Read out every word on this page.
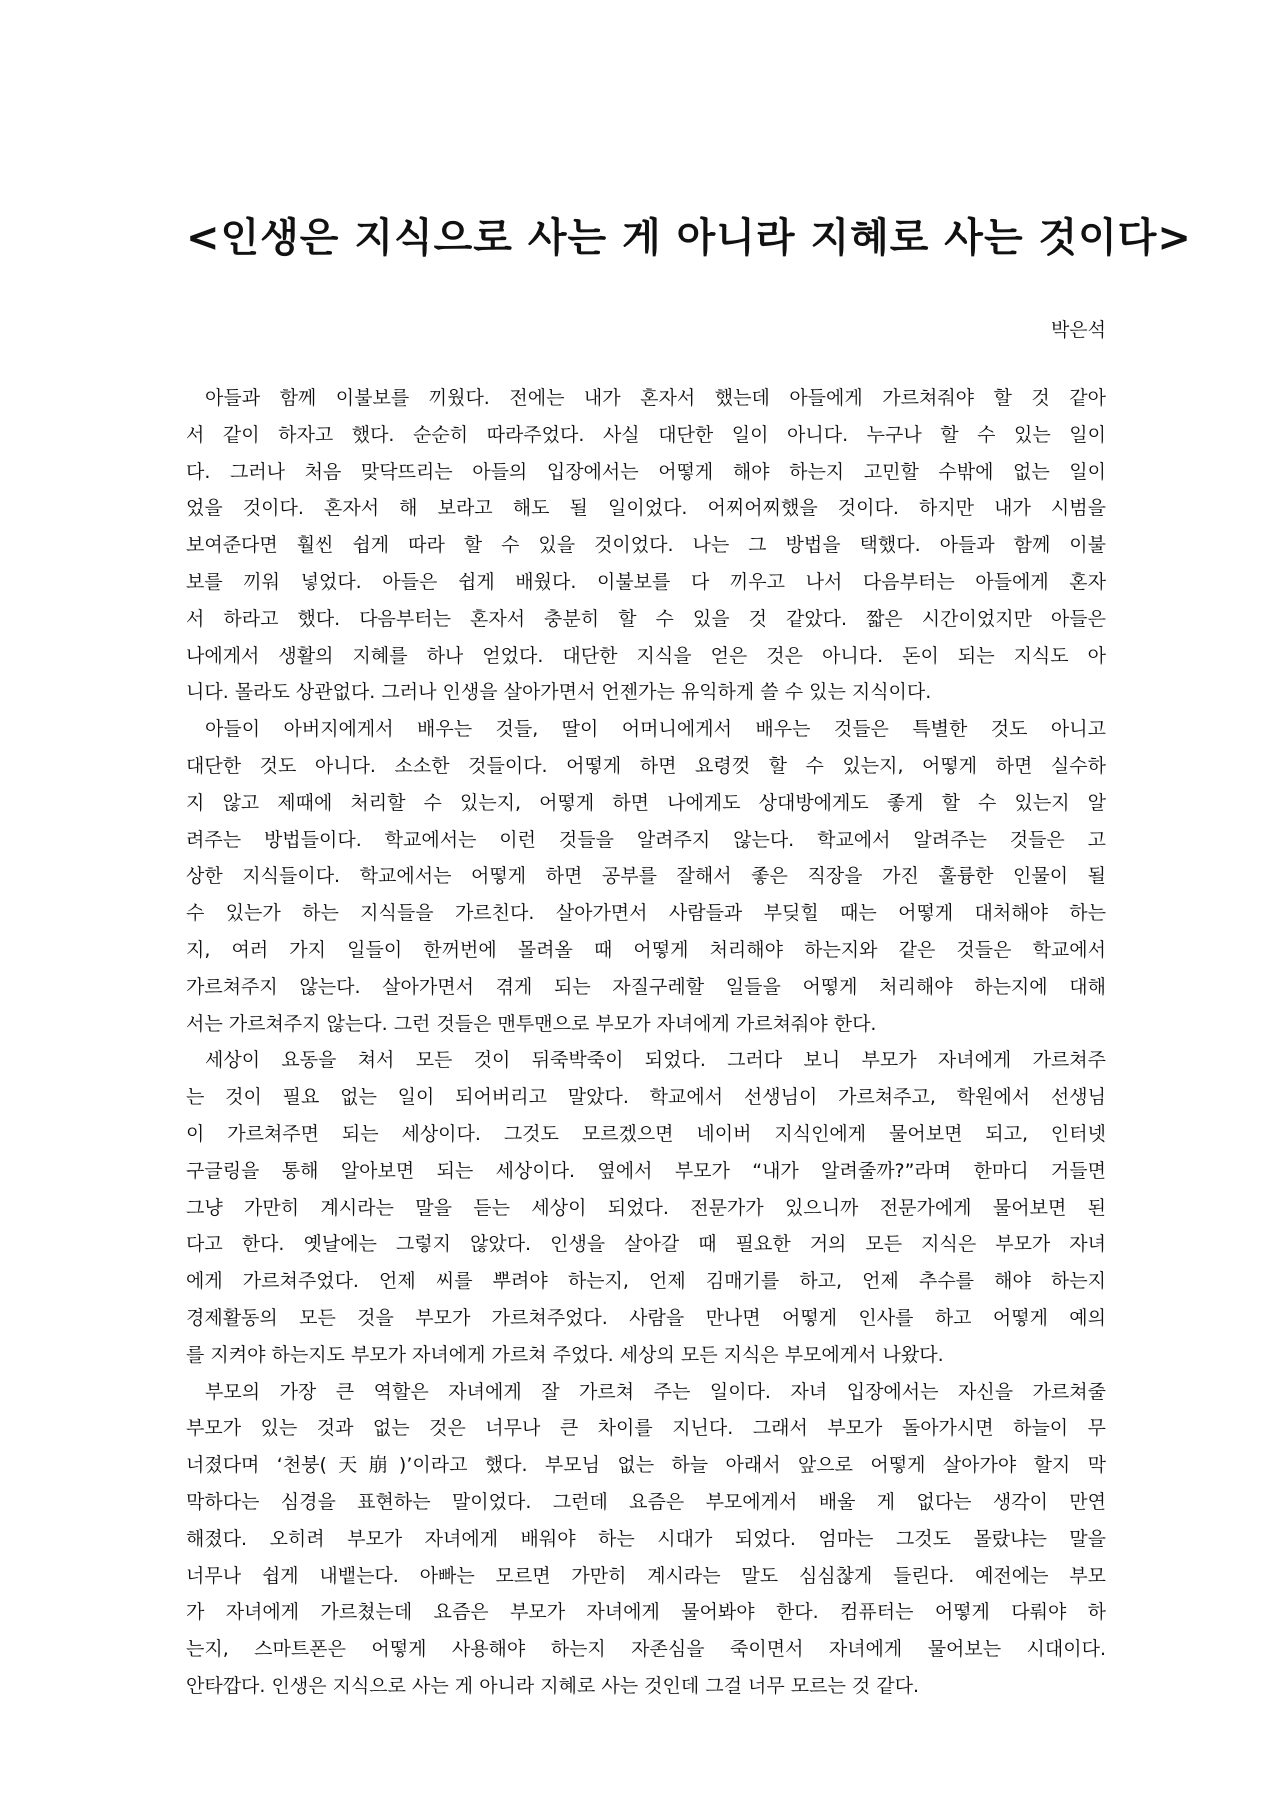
<인생은 지식으로 사는 게 아니라 지혜로 사는 것이다>
박은석
아들과 함께 이불보를 끼웠다. 전에는 내가 혼자서 했는데 아들에게 가르쳐줘야 할 것 같아
서 같이 하자고 했다. 순순히 따라주었다. 사실 대단한 일이 아니다. 누구나 할 수 있는 일이
다. 그러나 처음 맞닥뜨리는 아들의 입장에서는 어떻게 해야 하는지 고민할 수밖에 없는 일이
었을 것이다. 혼자서 해 보라고 해도 될 일이었다. 어찌어찌했을 것이다. 하지만 내가 시범을
보여준다면 훨씬 쉽게 따라 할 수 있을 것이었다. 나는 그 방법을 택했다. 아들과 함께 이불
보를 끼워 넣었다. 아들은 쉽게 배웠다. 이불보를 다 끼우고 나서 다음부터는 아들에게 혼자
서 하라고 했다. 다음부터는 혼자서 충분히 할 수 있을 것 같았다. 짧은 시간이었지만 아들은
나에게서 생활의 지혜를 하나 얻었다. 대단한 지식을 얻은 것은 아니다. 돈이 되는 지식도 아
니다. 몰라도 상관없다. 그러나 인생을 살아가면서 언젠가는 유익하게 쓸 수 있는 지식이다.
아들이 아버지에게서 배우는 것들, 딸이 어머니에게서 배우는 것들은 특별한 것도 아니고
대단한 것도 아니다. 소소한 것들이다. 어떻게 하면 요령껏 할 수 있는지, 어떻게 하면 실수하
지 않고 제때에 처리할 수 있는지, 어떻게 하면 나에게도 상대방에게도 좋게 할 수 있는지 알
려주는 방법들이다. 학교에서는 이런 것들을 알려주지 않는다. 학교에서 알려주는 것들은 고
상한 지식들이다. 학교에서는 어떻게 하면 공부를 잘해서 좋은 직장을 가진 훌륭한 인물이 될
수 있는가 하는 지식들을 가르친다. 살아가면서 사람들과 부딪힐 때는 어떻게 대처해야 하는
지, 여러 가지 일들이 한꺼번에 몰려올 때 어떻게 처리해야 하는지와 같은 것들은 학교에서
가르쳐주지 않는다. 살아가면서 겪게 되는 자질구레할 일들을 어떻게 처리해야 하는지에 대해
서는 가르쳐주지 않는다. 그런 것들은 맨투맨으로 부모가 자녀에게 가르쳐줘야 한다.
세상이 요동을 쳐서 모든 것이 뒤죽박죽이 되었다. 그러다 보니 부모가 자녀에게 가르쳐주
는 것이 필요 없는 일이 되어버리고 말았다. 학교에서 선생님이 가르쳐주고, 학원에서 선생님
이 가르쳐주면 되는 세상이다. 그것도 모르겠으면 네이버 지식인에게 물어보면 되고, 인터넷
구글링을 통해 알아보면 되는 세상이다. 옆에서 부모가 “내가 알려줄까?”라며 한마디 거들면
그냥 가만히 계시라는 말을 듣는 세상이 되었다. 전문가가 있으니까 전문가에게 물어보면 된
다고 한다. 옛날에는 그렇지 않았다. 인생을 살아갈 때 필요한 거의 모든 지식은 부모가 자녀
에게 가르쳐주었다. 언제 씨를 뿌려야 하는지, 언제 김매기를 하고, 언제 추수를 해야 하는지
경제활동의 모든 것을 부모가 가르쳐주었다. 사람을 만나면 어떻게 인사를 하고 어떻게 예의
를 지켜야 하는지도 부모가 자녀에게 가르쳐 주었다. 세상의 모든 지식은 부모에게서 나왔다.
부모의 가장 큰 역할은 자녀에게 잘 가르쳐 주는 일이다. 자녀 입장에서는 자신을 가르쳐줄
부모가 있는 것과 없는 것은 너무나 큰 차이를 지닌다. 그래서 부모가 돌아가시면 하늘이 무
너졌다며 ‘천붕(天崩)’이라고 했다. 부모님 없는 하늘 아래서 앞으로 어떻게 살아가야 할지 막
막하다는 심경을 표현하는 말이었다. 그런데 요즘은 부모에게서 배울 게 없다는 생각이 만연
해졌다. 오히려 부모가 자녀에게 배워야 하는 시대가 되었다. 엄마는 그것도 몰랐냐는 말을
너무나 쉽게 내뱉는다. 아빠는 모르면 가만히 계시라는 말도 심심찮게 들린다. 예전에는 부모
가 자녀에게 가르쳤는데 요즘은 부모가 자녀에게 물어봐야 한다. 컴퓨터는 어떻게 다뤄야 하
는지, 스마트폰은 어떻게 사용해야 하는지 자존심을 죽이면서 자녀에게 물어보는 시대이다.
안타깝다. 인생은 지식으로 사는 게 아니라 지혜로 사는 것인데 그걸 너무 모르는 것 같다.
